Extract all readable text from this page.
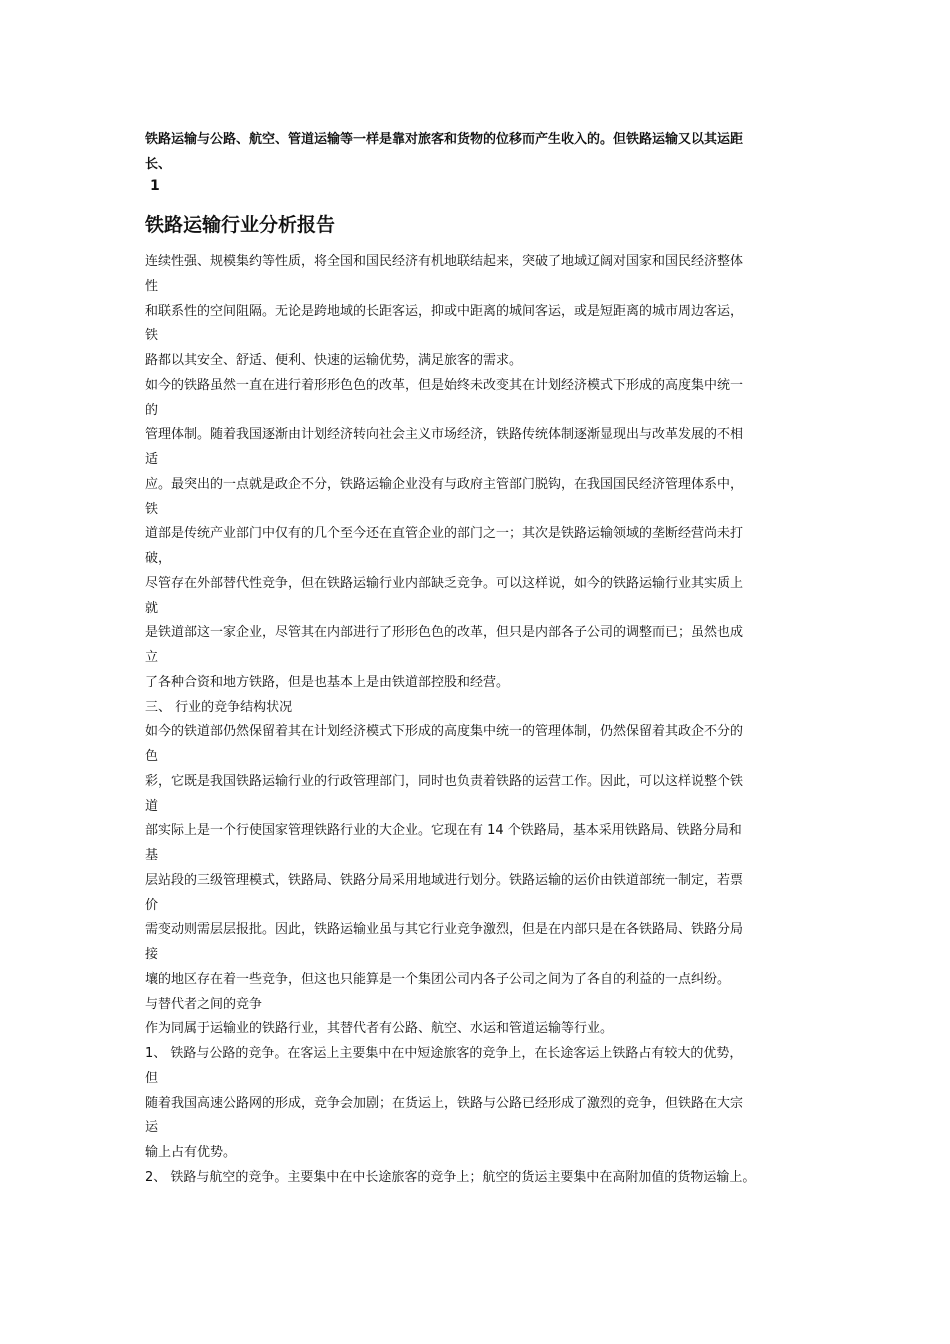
铁路运输与公路、航空、管道运输等一样是靠对旅客和货物的位移而产生收入的。但铁路运输又以其运距
长、
1
铁路运输行业分析报告
连续性强、规模集约等性质，将全国和国民经济有机地联结起来，突破了地域辽阔对国家和国民经济整体
性
和联系性的空间阻隔。无论是跨地域的长距客运，抑或中距离的城间客运，或是短距离的城市周边客运，
铁
路都以其安全、舒适、便利、快速的运输优势，满足旅客的需求。
如今的铁路虽然一直在进行着形形色色的改革，但是始终未改变其在计划经济模式下形成的高度集中统一
的
管理体制。随着我国逐渐由计划经济转向社会主义市场经济，铁路传统体制逐渐显现出与改革发展的不相
适
应。最突出的一点就是政企不分，铁路运输企业没有与政府主管部门脱钩，在我国国民经济管理体系中，
铁
道部是传统产业部门中仅有的几个至今还在直管企业的部门之一；其次是铁路运输领域的垄断经营尚未打
破，
尽管存在外部替代性竞争，但在铁路运输行业内部缺乏竞争。可以这样说，如今的铁路运输行业其实质上
就
是铁道部这一家企业，尽管其在内部进行了形形色色的改革，但只是内部各子公司的调整而已；虽然也成
立
了各种合资和地方铁路，但是也基本上是由铁道部控股和经营。
三、 行业的竞争结构状况
如今的铁道部仍然保留着其在计划经济模式下形成的高度集中统一的管理体制，仍然保留着其政企不分的
色
彩，它既是我国铁路运输行业的行政管理部门，同时也负责着铁路的运营工作。因此，可以这样说整个铁
道
部实际上是一个行使国家管理铁路行业的大企业。它现在有 14 个铁路局，基本采用铁路局、铁路分局和
基
层站段的三级管理模式，铁路局、铁路分局采用地域进行划分。铁路运输的运价由铁道部统一制定，若票
价
需变动则需层层报批。因此，铁路运输业虽与其它行业竞争激烈，但是在内部只是在各铁路局、铁路分局
接
壤的地区存在着一些竞争，但这也只能算是一个集团公司内各子公司之间为了各自的利益的一点纠纷。
与替代者之间的竞争
作为同属于运输业的铁路行业，其替代者有公路、航空、水运和管道运输等行业。
1、 铁路与公路的竞争。在客运上主要集中在中短途旅客的竞争上，在长途客运上铁路占有较大的优势，
但
随着我国高速公路网的形成，竞争会加剧；在货运上，铁路与公路已经形成了激烈的竞争，但铁路在大宗
运
输上占有优势。
2、 铁路与航空的竞争。主要集中在中长途旅客的竞争上；航空的货运主要集中在高附加值的货物运输上。
